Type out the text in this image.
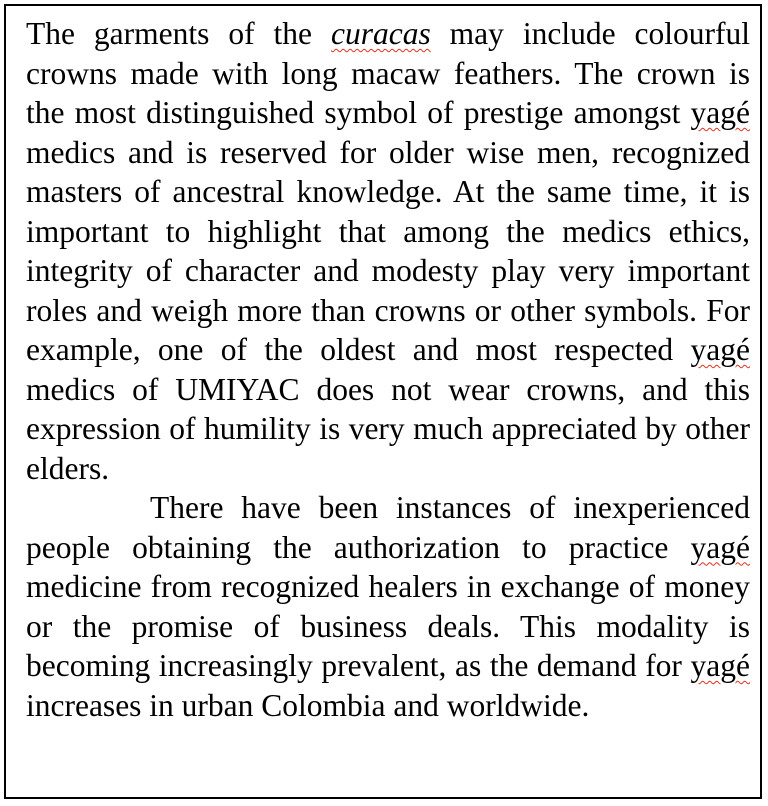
The garments of the curacas may include colourful crowns made with long macaw feathers. The crown is the most distinguished symbol of prestige amongst yagé medics and is reserved for older wise men, recognized masters of ancestral knowledge. At the same time, it is important to highlight that among the medics ethics, integrity of character and modesty play very important roles and weigh more than crowns or other symbols. For example, one of the oldest and most respected yagé medics of UMIYAC does not wear crowns, and this expression of humility is very much appreciated by other elders.

There have been instances of inexperienced people obtaining the authorization to practice yagé medicine from recognized healers in exchange of money or the promise of business deals. This modality is becoming increasingly prevalent, as the demand for yagé increases in urban Colombia and worldwide.
